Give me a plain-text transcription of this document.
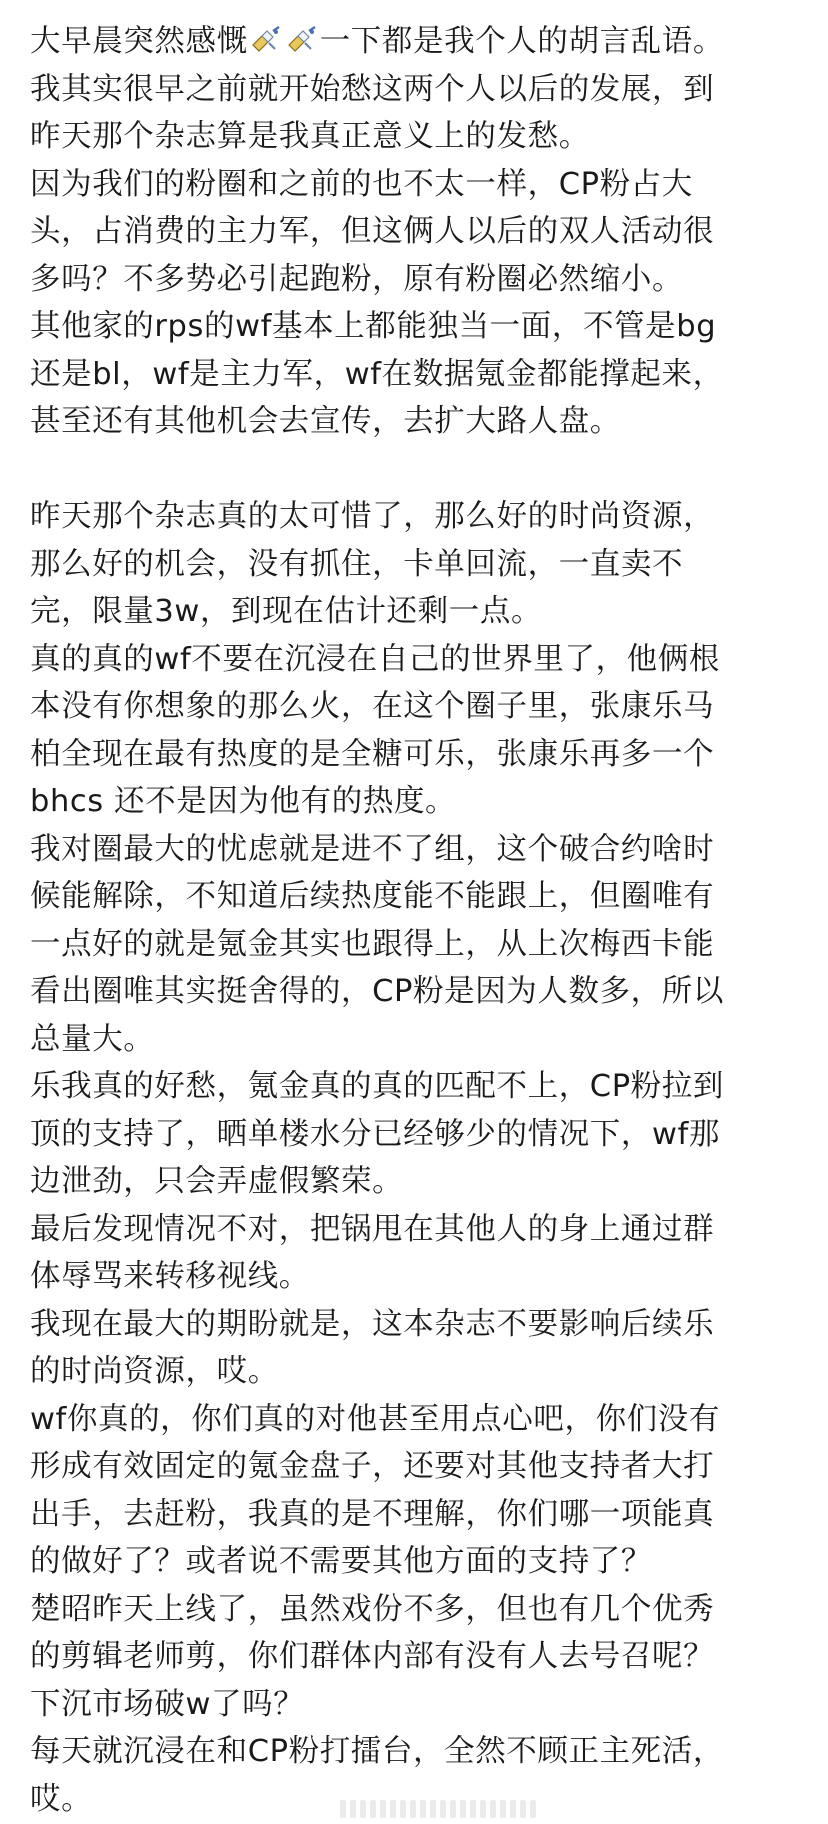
大早晨突然感慨 一下都是我个人的胡言乱语。
我其实很早之前就开始愁这两个人以后的发展，到
昨天那个杂志算是我真正意义上的发愁。
因为我们的粉圈和之前的也不太一样，CP粉占大
头，占消费的主力军，但这俩人以后的双人活动很
多吗？不多势必引起跑粉，原有粉圈必然缩小。
其他家的rps的wf基本上都能独当一面，不管是bg
还是bl，wf是主力军，wf在数据氪金都能撑起来，
甚至还有其他机会去宣传，去扩大路人盘。
昨天那个杂志真的太可惜了，那么好的时尚资源，
那么好的机会，没有抓住，卡单回流，一直卖不
完，限量3w，到现在估计还剩一点。
真的真的wf不要在沉浸在自己的世界里了，他俩根
本没有你想象的那么火，在这个圈子里，张康乐马
柏全现在最有热度的是全糖可乐，张康乐再多一个
bhcs 还不是因为他有的热度。
我对圈最大的忧虑就是进不了组，这个破合约啥时
候能解除，不知道后续热度能不能跟上，但圈唯有
一点好的就是氪金其实也跟得上，从上次梅西卡能
看出圈唯其实挺舍得的，CP粉是因为人数多，所以
总量大。
乐我真的好愁，氪金真的真的匹配不上，CP粉拉到
顶的支持了，晒单楼水分已经够少的情况下，wf那
边泄劲，只会弄虚假繁荣。
最后发现情况不对，把锅甩在其他人的身上通过群
体辱骂来转移视线。
我现在最大的期盼就是，这本杂志不要影响后续乐
的时尚资源，哎。
wf你真的，你们真的对他甚至用点心吧，你们没有
形成有效固定的氪金盘子，还要对其他支持者大打
出手，去赶粉，我真的是不理解，你们哪一项能真
的做好了？或者说不需要其他方面的支持了？
楚昭昨天上线了，虽然戏份不多，但也有几个优秀
的剪辑老师剪，你们群体内部有没有人去号召呢？
下沉市场破w了吗？
每天就沉浸在和CP粉打擂台，全然不顾正主死活，
哎。
